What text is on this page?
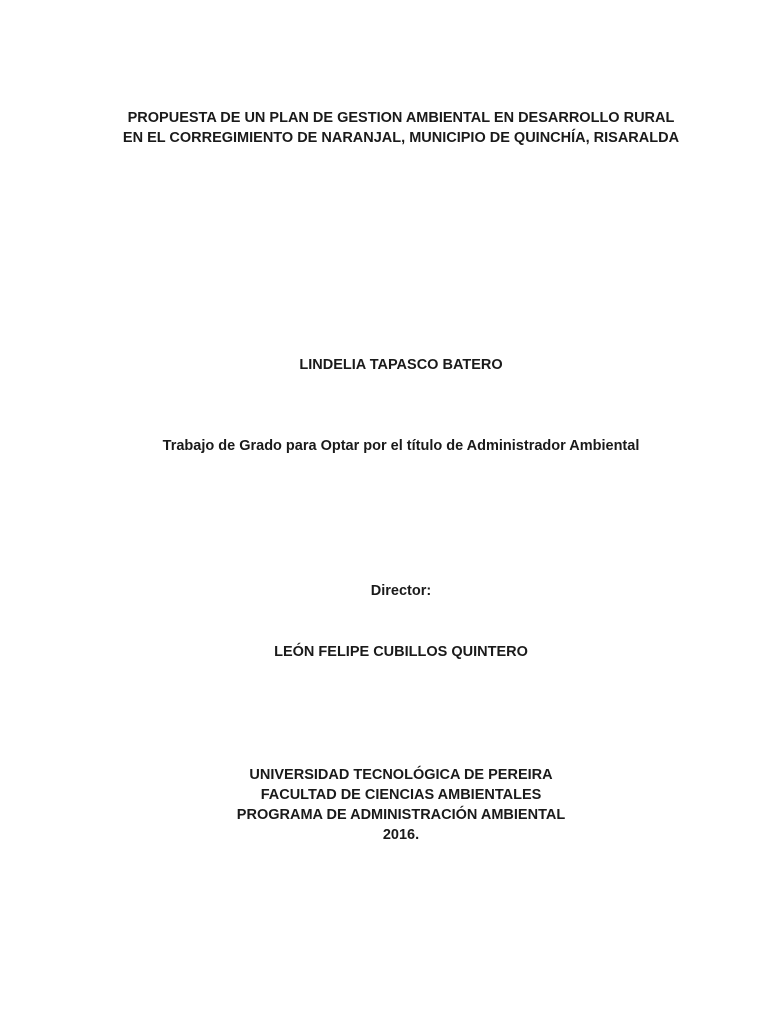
PROPUESTA DE UN PLAN DE GESTION AMBIENTAL EN DESARROLLO RURAL
EN EL CORREGIMIENTO DE NARANJAL, MUNICIPIO DE QUINCHÍA, RISARALDA
LINDELIA TAPASCO BATERO
Trabajo de Grado para Optar por el título de Administrador Ambiental
Director:
LEÓN FELIPE CUBILLOS QUINTERO
UNIVERSIDAD TECNOLÓGICA DE PEREIRA
FACULTAD DE CIENCIAS AMBIENTALES
PROGRAMA DE ADMINISTRACIÓN AMBIENTAL
2016.
